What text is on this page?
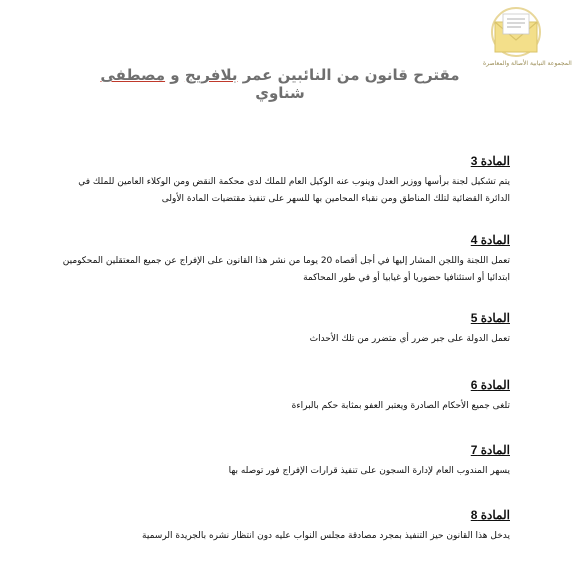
المجموعة النيابية الأصالة والمعاصرة
مقترح قانون من النائبين عمر بلافريج و مصطفى شناوي
المادة 3
يتم تشكيل لجنة برأسها ووزير العدل وينوب عنه الوكيل العام للملك لدى محكمة النقض ومن الوكلاء العامين للملك في الدائرة القضائية لتلك المناطق ومن نقباء المحامين بها للسهر على تنفيذ مقتضيات المادة الأولى
المادة 4
تعمل اللجنة واللجن المشار إليها في أجل أقصاه 20 يوما من نشر هذا القانون على الإفراج عن جميع المعتقلين المحكومين ابتدائيا أو استئنافيا حضوريا أو غيابيا أو في طور المحاكمة
المادة 5
تعمل الدولة على جبر ضرر أي متضرر من تلك الأحداث
المادة 6
تلغى جميع الأحكام الصادرة ويعتبر العفو بمثابة حكم بالبراءة
المادة 7
يسهر المندوب العام لإدارة السجون على تنفيذ قرارات الإفراج فور توصله بها
المادة 8
يدخل هذا القانون حيز التنفيذ بمجرد مصادقة مجلس النواب عليه دون انتظار نشره بالجريدة الرسمية
